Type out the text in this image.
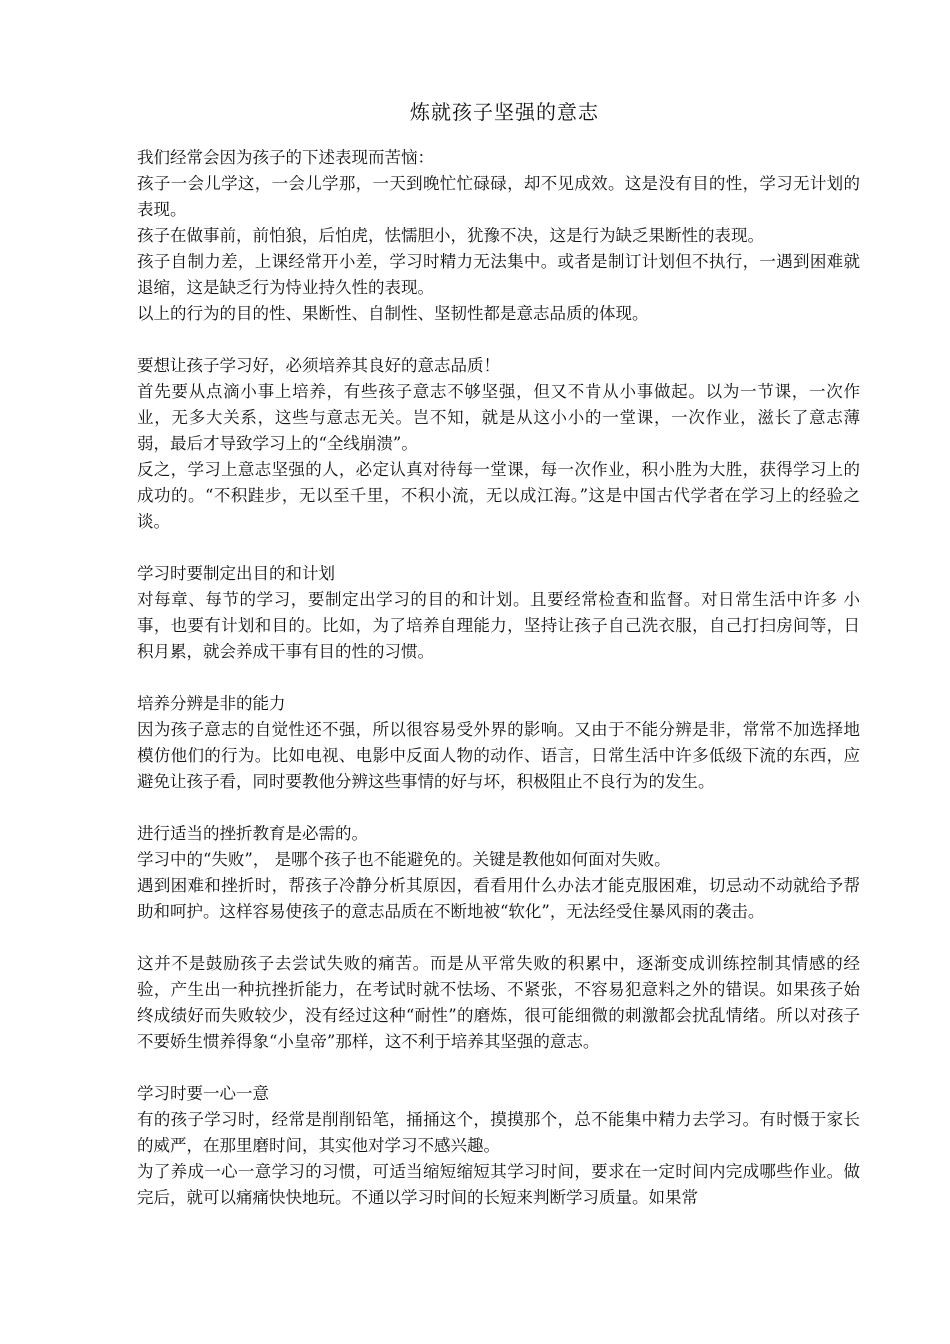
炼就孩子坚强的意志

我们经常会因为孩子的下述表现而苦恼：

孩子一会儿学这，一会儿学那，一天到晚忙忙碌碌，却不见成效。这是没有目的性，学习无计划的表现。

孩子在做事前，前怕狼，后怕虎，怯懦胆小，犹豫不决，这是行为缺乏果断性的表现。

孩子自制力差，上课经常开小差，学习时精力无法集中。或者是制订计划但不执行，一遇到困难就退缩，这是缺乏行为恃业持久性的表现。

以上的行为的目的性、果断性、自制性、坚韧性都是意志品质的体现。

要想让孩子学习好，必须培养其良好的意志品质！

首先要从点滴小事上培养，有些孩子意志不够坚强，但又不肯从小事做起。以为一节课，一次作业，无多大关系，这些与意志无关。岂不知，就是从这小小的一堂课，一次作业，滋长了意志薄弱，最后才导致学习上的“全线崩溃”。

反之，学习上意志坚强的人，必定认真对待每一堂课，每一次作业，积小胜为大胜，获得学习上的成功的。“不积跬步，无以至千里，不积小流，无以成江海。”这是中国古代学者在学习上的经验之谈。

学习时要制定出目的和计划

对每章、每节的学习，要制定出学习的目的和计划。且要经常检查和监督。对日常生活中许多 小事，也要有计划和目的。比如，为了培养自理能力，坚持让孩子自己洗衣服，自己打扫房间等，日积月累，就会养成干事有目的性的习惯。

培养分辨是非的能力

因为孩子意志的自觉性还不强，所以很容易受外界的影响。又由于不能分辨是非，常常不加选择地模仿他们的行为。比如电视、电影中反面人物的动作、语言，日常生活中许多低级下流的东西，应避免让孩子看，同时要教他分辨这些事情的好与坏，积极阻止不良行为的发生。

进行适当的挫折教育是必需的。

学习中的“失败”， 是哪个孩子也不能避免的。关键是教他如何面对失败。

遇到困难和挫折时，帮孩子冷静分析其原因，看看用什么办法才能克服困难，切忌动不动就给予帮助和呵护。这样容易使孩子的意志品质在不断地被“软化”，无法经受住暴风雨的袭击。

这并不是鼓励孩子去尝试失败的痛苦。而是从平常失败的积累中，逐渐变成训练控制其情感的经验，产生出一种抗挫折能力，在考试时就不怯场、不紧张，不容易犯意料之外的错误。如果孩子始终成绩好而失败较少，没有经过这种“耐性”的磨炼，很可能细微的刺激都会扰乱情绪。所以对孩子不要娇生惯养得象“小皇帝”那样，这不利于培养其坚强的意志。

学习时要一心一意

有的孩子学习时，经常是削削铅笔，捅捅这个，摸摸那个，总不能集中精力去学习。有时慑于家长的威严，在那里磨时间，其实他对学习不感兴趣。

为了养成一心一意学习的习惯，可适当缩短缩短其学习时间，要求在一定时间内完成哪些作业。做完后，就可以痛痛快快地玩。不通以学习时间的长短来判断学习质量。如果常
